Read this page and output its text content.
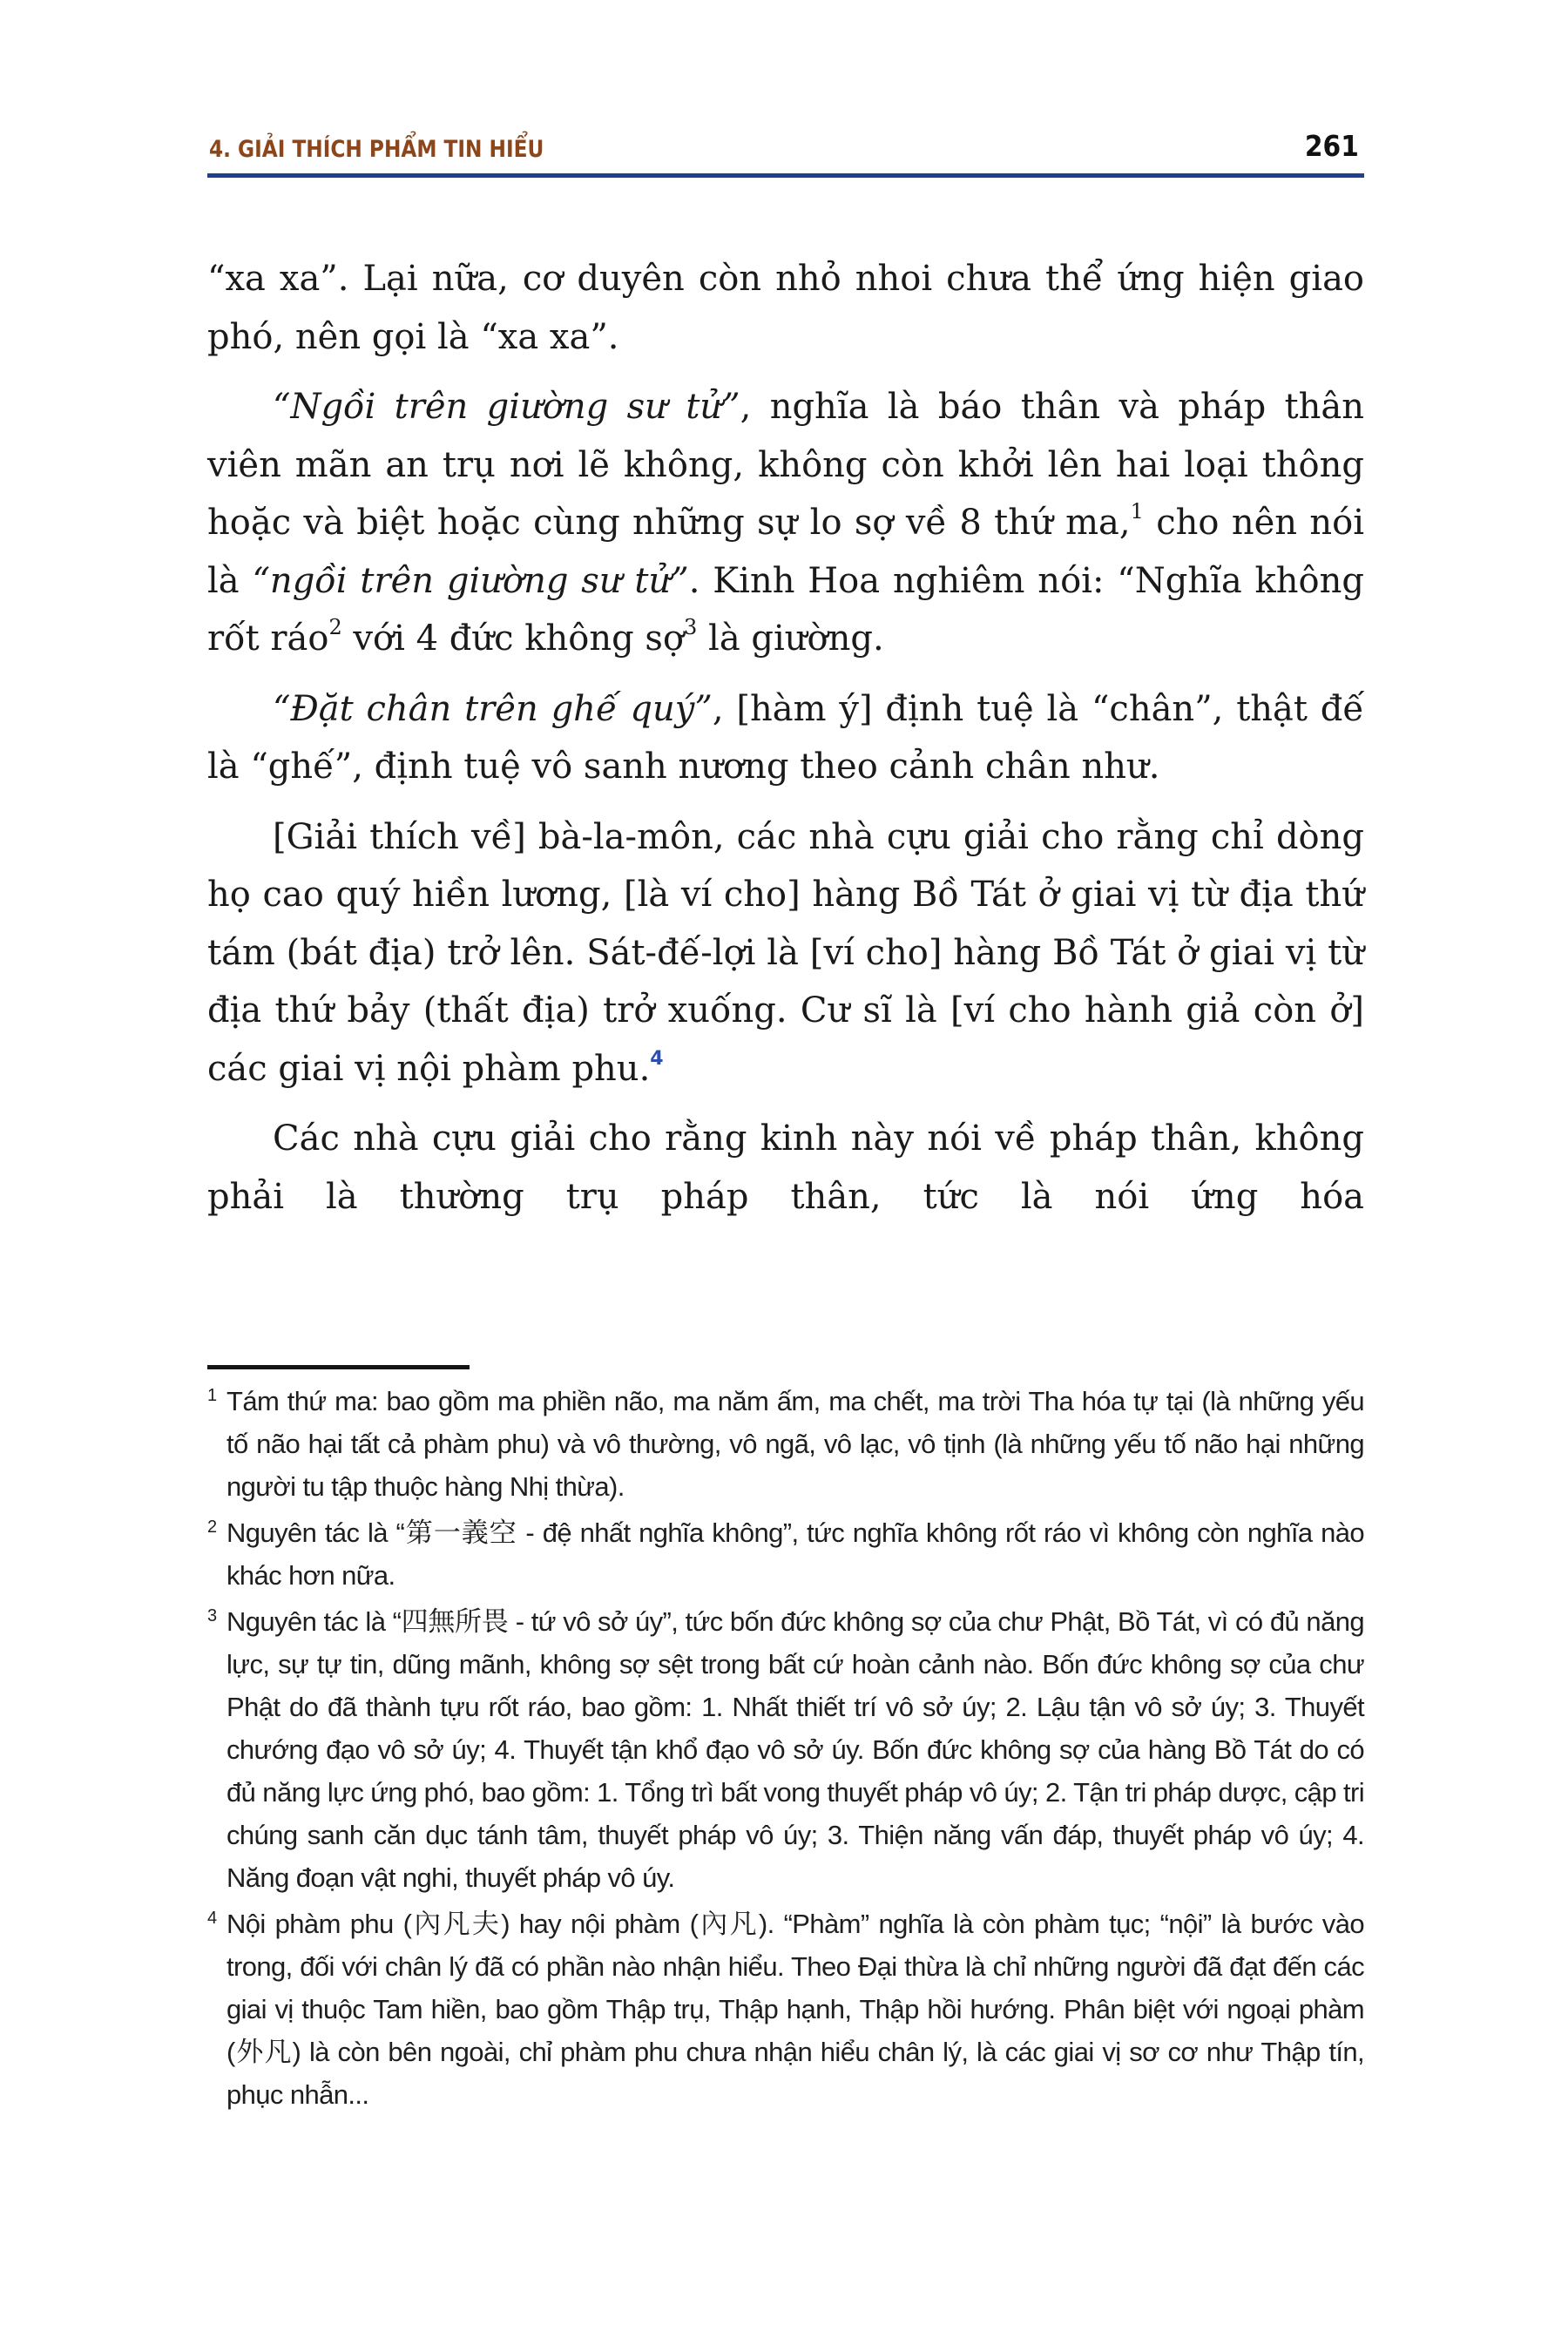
4. GIẢI THÍCH PHẨM TIN HIỂU	261

“xa xa”. Lại nữa, cơ duyên còn nhỏ nhoi chưa thể ứng hiện giao phó, nên gọi là “xa xa”.

“Ngồi trên giường sư tử”, nghĩa là báo thân và pháp thân viên mãn an trụ nơi lẽ không, không còn khởi lên hai loại thông hoặc và biệt hoặc cùng những sự lo sợ về 8 thứ ma,$^1$ cho nên nói là “ngồi trên giường sư tử”. Kinh Hoa nghiêm nói: “Nghĩa không rốt ráo$^2$ với 4 đức không sợ$^3$ là giường.

“Đặt chân trên ghế quý”, [hàm ý] định tuệ là “chân”, thật đế là “ghế”, định tuệ vô sanh nương theo cảnh chân như.

[Giải thích về] bà-la-môn, các nhà cựu giải cho rằng chỉ dòng họ cao quý hiền lương, [là ví cho] hàng Bồ Tát ở giai vị từ địa thứ tám (bát địa) trở lên. Sát-đế-lợi là [ví cho] hàng Bồ Tát ở giai vị từ địa thứ bảy (thất địa) trở xuống. Cư sĩ là [ví cho hành giả còn ở] các giai vị nội phàm phu.$^4$

Các nhà cựu giải cho rằng kinh này nói về pháp thân, không phải là thường trụ pháp thân, tức là nói ứng hóa

1 Tám thứ ma: bao gồm ma phiền não, ma năm ấm, ma chết, ma trời Tha hóa tự tại (là những yếu tố não hại tất cả phàm phu) và vô thường, vô ngã, vô lạc, vô tịnh (là những yếu tố não hại những người tu tập thuộc hàng Nhị thừa).
2 Nguyên tác là “第一義空 - đệ nhất nghĩa không”, tức nghĩa không rốt ráo vì không còn nghĩa nào khác hơn nữa.
3 Nguyên tác là “四無所畏 - tứ vô sở úy”, tức bốn đức không sợ của chư Phật, Bồ Tát, vì có đủ năng lực, sự tự tin, dũng mãnh, không sợ sệt trong bất cứ hoàn cảnh nào. Bốn đức không sợ của chư Phật do đã thành tựu rốt ráo, bao gồm: 1. Nhất thiết trí vô sở úy; 2. Lậu tận vô sở úy; 3. Thuyết chướng đạo vô sở úy; 4. Thuyết tận khổ đạo vô sở úy. Bốn đức không sợ của hàng Bồ Tát do có đủ năng lực ứng phó, bao gồm: 1. Tổng trì bất vong thuyết pháp vô úy; 2. Tận tri pháp dược, cập tri chúng sanh căn dục tánh tâm, thuyết pháp vô úy; 3. Thiện năng vấn đáp, thuyết pháp vô úy; 4. Năng đoạn vật nghi, thuyết pháp vô úy.
4 Nội phàm phu (內凡夫) hay nội phàm (內凡). “Phàm” nghĩa là còn phàm tục; “nội” là bước vào trong, đối với chân lý đã có phần nào nhận hiểu. Theo Đại thừa là chỉ những người đã đạt đến các giai vị thuộc Tam hiền, bao gồm Thập trụ, Thập hạnh, Thập hồi hướng. Phân biệt với ngoại phàm (外凡) là còn bên ngoài, chỉ phàm phu chưa nhận hiểu chân lý, là các giai vị sơ cơ như Thập tín, phục nhẫn...
